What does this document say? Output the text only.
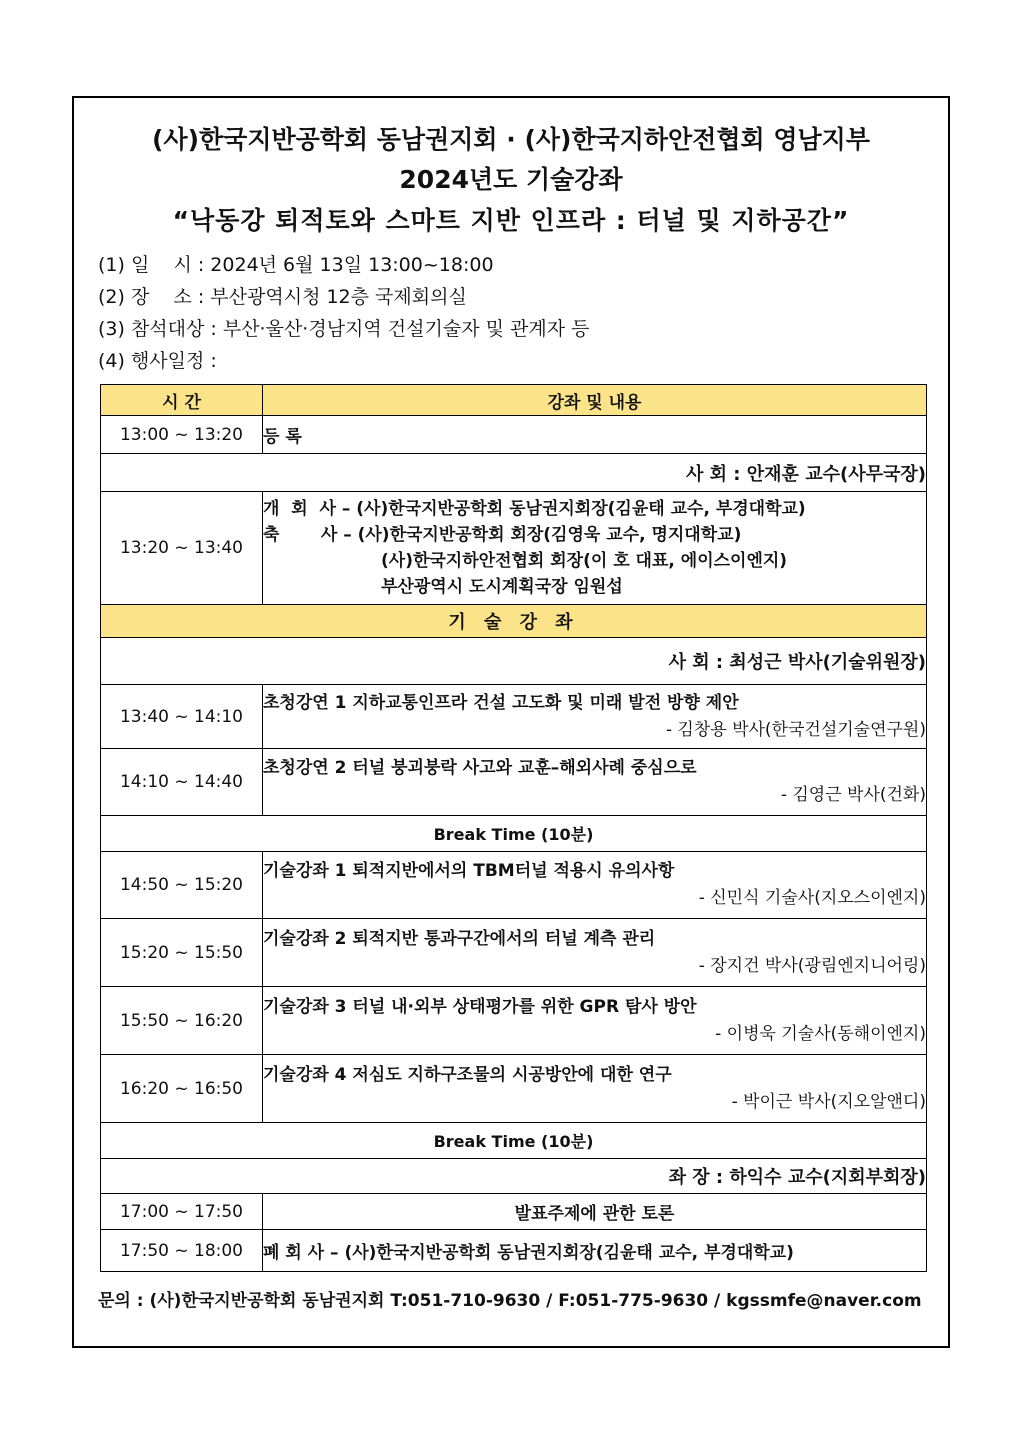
(사)한국지반공학회 동남권지회 · (사)한국지하안전협회 영남지부
2024년도 기술강좌
“낙동강 퇴적토와 스마트 지반 인프라 : 터널 및 지하공간”
(1) 일    시 : 2024년 6월 13일 13:00~18:00
(2) 장    소 : 부산광역시청 12층 국제회의실
(3) 참석대상 : 부산·울산·경남지역 건설기술자 및 관계자 등
(4) 행사일정 :
시 간	강좌 및 내용
13:00 ~ 13:20	등 록
사 회 : 안재훈 교수(사무국장)	
13:20 ~ 13:40	개  회  사 – (사)한국지반공학회 동남권지회장(김윤태 교수, 부경대학교)
축       사 – (사)한국지반공학회 회장(김영욱 교수, 명지대학교)
(사)한국지하안전협회 회장(이 호 대표, 에이스이엔지)
부산광역시 도시계획국장 임원섭

기 술 강 좌	
사 회 : 최성근 박사(기술위원장)	
13:40 ~ 14:10	초청강연 1 지하교통인프라 건설 고도화 및 미래 발전 방향 제안
- 김창용 박사(한국건설기술연구원)

14:10 ~ 14:40	초청강연 2 터널 붕괴붕락 사고와 교훈–해외사례 중심으로
- 김영근 박사(건화)

Break Time (10분)	
14:50 ~ 15:20	기술강좌 1 퇴적지반에서의 TBM터널 적용시 유의사항
- 신민식 기술사(지오스이엔지)

15:20 ~ 15:50	기술강좌 2 퇴적지반 통과구간에서의 터널 계측 관리
- 장지건 박사(광림엔지니어링)

15:50 ~ 16:20	기술강좌 3 터널 내·외부 상태평가를 위한 GPR 탐사 방안
- 이병욱 기술사(동해이엔지)

16:20 ~ 16:50	기술강좌 4 저심도 지하구조물의 시공방안에 대한 연구
- 박이근 박사(지오알앤디)

Break Time (10분)	
좌 장 : 하익수 교수(지회부회장)	
17:00 ~ 17:50	발표주제에 관한 토론
17:50 ~ 18:00	폐 회 사 – (사)한국지반공학회 동남권지회장(김윤태 교수, 부경대학교)
문의 : (사)한국지반공학회 동남권지회 T:051-710-9630 / F:051-775-9630 / kgssmfe@naver.com
